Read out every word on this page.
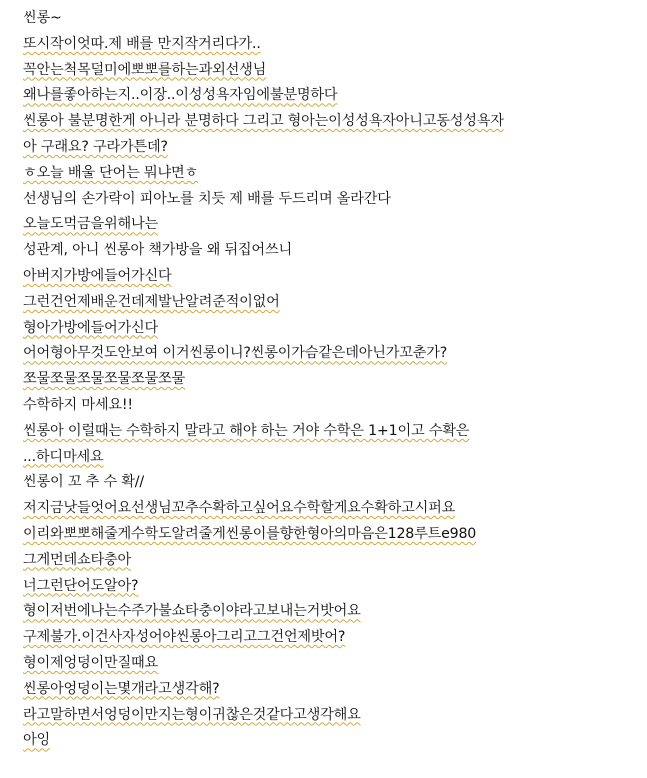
씬롱~
또시작이엇따.제 배를 만지작거리다가..
꼭안는척목덜미에뽀뽀를하는과외선생님
왜나를좋아하는지..이장..이성성욕자임에불분명하다
씬롱아 불분명한게 아니라 분명하다 그리고 형아는이성성욕자아니고동성성욕자
아 구래요? 구라가튼데?
ㅎ오늘 배울 단어는 뭐냐면ㅎ
선생님의 손가락이 피아노를 치듯 제 배를 두드리며 올라간다
오늘도먹금을위해나는
성관계, 아니 씬롱아 책가방을 왜 뒤집어쓰니
아버지가방에들어가신다
그런건언제배운건데제발난알려준적이없어
형아가방에들어가신다
어어형아무것도안보여 이거씬롱이니?씬롱이가슴같은데아닌가꼬춘가?
쪼물쪼물쪼물쪼물쪼물쪼물
수학하지 마세요!!
씬롱아 이럴때는 수학하지 말라고 해야 하는 거야 수학은 1+1이고 수확은
...하디마세요
씬롱이 꼬 추 수 확//
저지금낫들엇어요선생님꼬추수확하고싶어요수학할게요수확하고시퍼요
이리와뽀뽀해줄게수학도알려줄게씬롱이를향한형아의마음은128루트e980
그게먼데쇼타충아
너그런단어도알아?
형이저번에나는수주가불쇼타충이야라고보내는거밧어요
구제불가.이건사자성어야씬롱아그리고그건언제밧어?
형이제엉덩이만질때요
씬롱아엉덩이는몇개라고생각해?
라고말하면서엉덩이만지는형이귀찮은것같다고생각해요
아잉
